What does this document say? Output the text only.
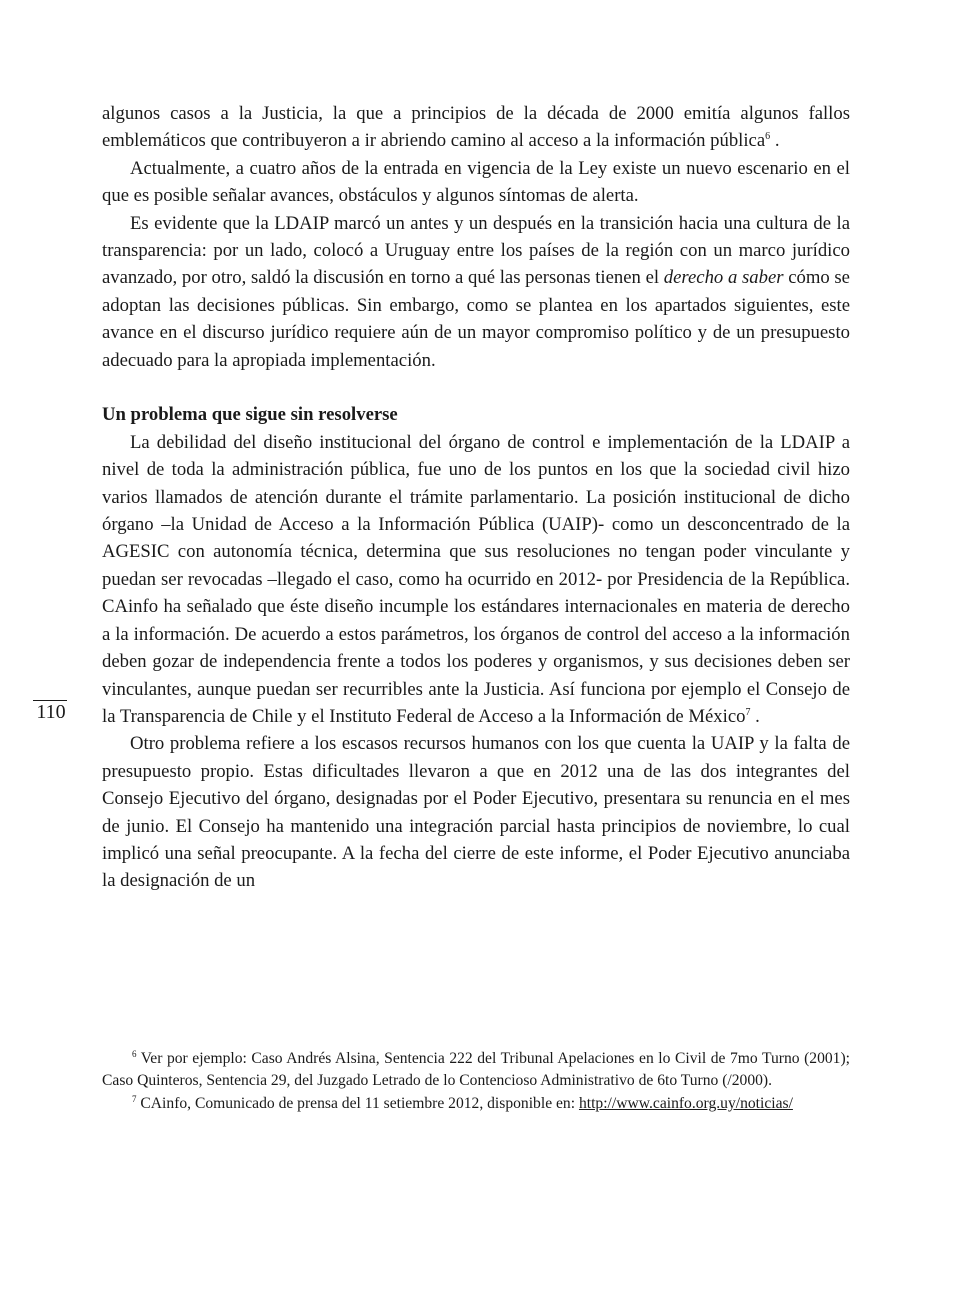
algunos casos a la Justicia, la que a principios de la década de 2000 emitía algunos fallos emblemáticos que contribuyeron a ir abriendo camino al acceso a la información pública$^6$ .

Actualmente, a cuatro años de la entrada en vigencia de la Ley existe un nuevo escenario en el que es posible señalar avances, obstáculos y algunos síntomas de alerta.

Es evidente que la LDAIP marcó un antes y un después en la transición hacia una cultura de la transparencia: por un lado, colocó a Uruguay entre los países de la región con un marco jurídico avanzado, por otro, saldó la discusión en torno a qué las personas tienen el derecho a saber cómo se adoptan las decisiones públicas. Sin embargo, como se plantea en los apartados siguientes, este avance en el discurso jurídico requiere aún de un mayor compromiso político y de un presupuesto adecuado para la apropiada implementación.

Un problema que sigue sin resolverse

La debilidad del diseño institucional del órgano de control e implementación de la LDAIP a nivel de toda la administración pública, fue uno de los puntos en los que la sociedad civil hizo varios llamados de atención durante el trámite parlamentario. La posición institucional de dicho órgano –la Unidad de Acceso a la Información Pública (UAIP)- como un desconcentrado de la AGESIC con autonomía técnica, determina que sus resoluciones no tengan poder vinculante y puedan ser revocadas –llegado el caso, como ha ocurrido en 2012- por Presidencia de la República. CAinfo ha señalado que éste diseño incumple los estándares internacionales en materia de derecho a la información. De acuerdo a estos parámetros, los órganos de control del acceso a la información deben gozar de independencia frente a todos los poderes y organismos, y sus decisiones deben ser vinculantes, aunque puedan ser recurribles ante la Justicia. Así funciona por ejemplo el Consejo de la Transparencia de Chile y el Instituto Federal de Acceso a la Información de México$^7$ .

Otro problema refiere a los escasos recursos humanos con los que cuenta la UAIP y la falta de presupuesto propio. Estas dificultades llevaron a que en 2012 una de las dos integrantes del Consejo Ejecutivo del órgano, designadas por el Poder Ejecutivo, presentara su renuncia en el mes de junio. El Consejo ha mantenido una integración parcial hasta principios de noviembre, lo cual implicó una señal preocupante. A la fecha del cierre de este informe, el Poder Ejecutivo anunciaba la designación de un

110

$^6$ Ver por ejemplo: Caso Andrés Alsina, Sentencia 222 del Tribunal Apelaciones en lo Civil de 7mo Turno (2001); Caso Quinteros, Sentencia 29, del Juzgado Letrado de lo Contencioso Administrativo de 6to Turno (/2000).

$^7$ CAinfo, Comunicado de prensa del 11 setiembre 2012, disponible en: http://www.cainfo.org.uy/noticias/
